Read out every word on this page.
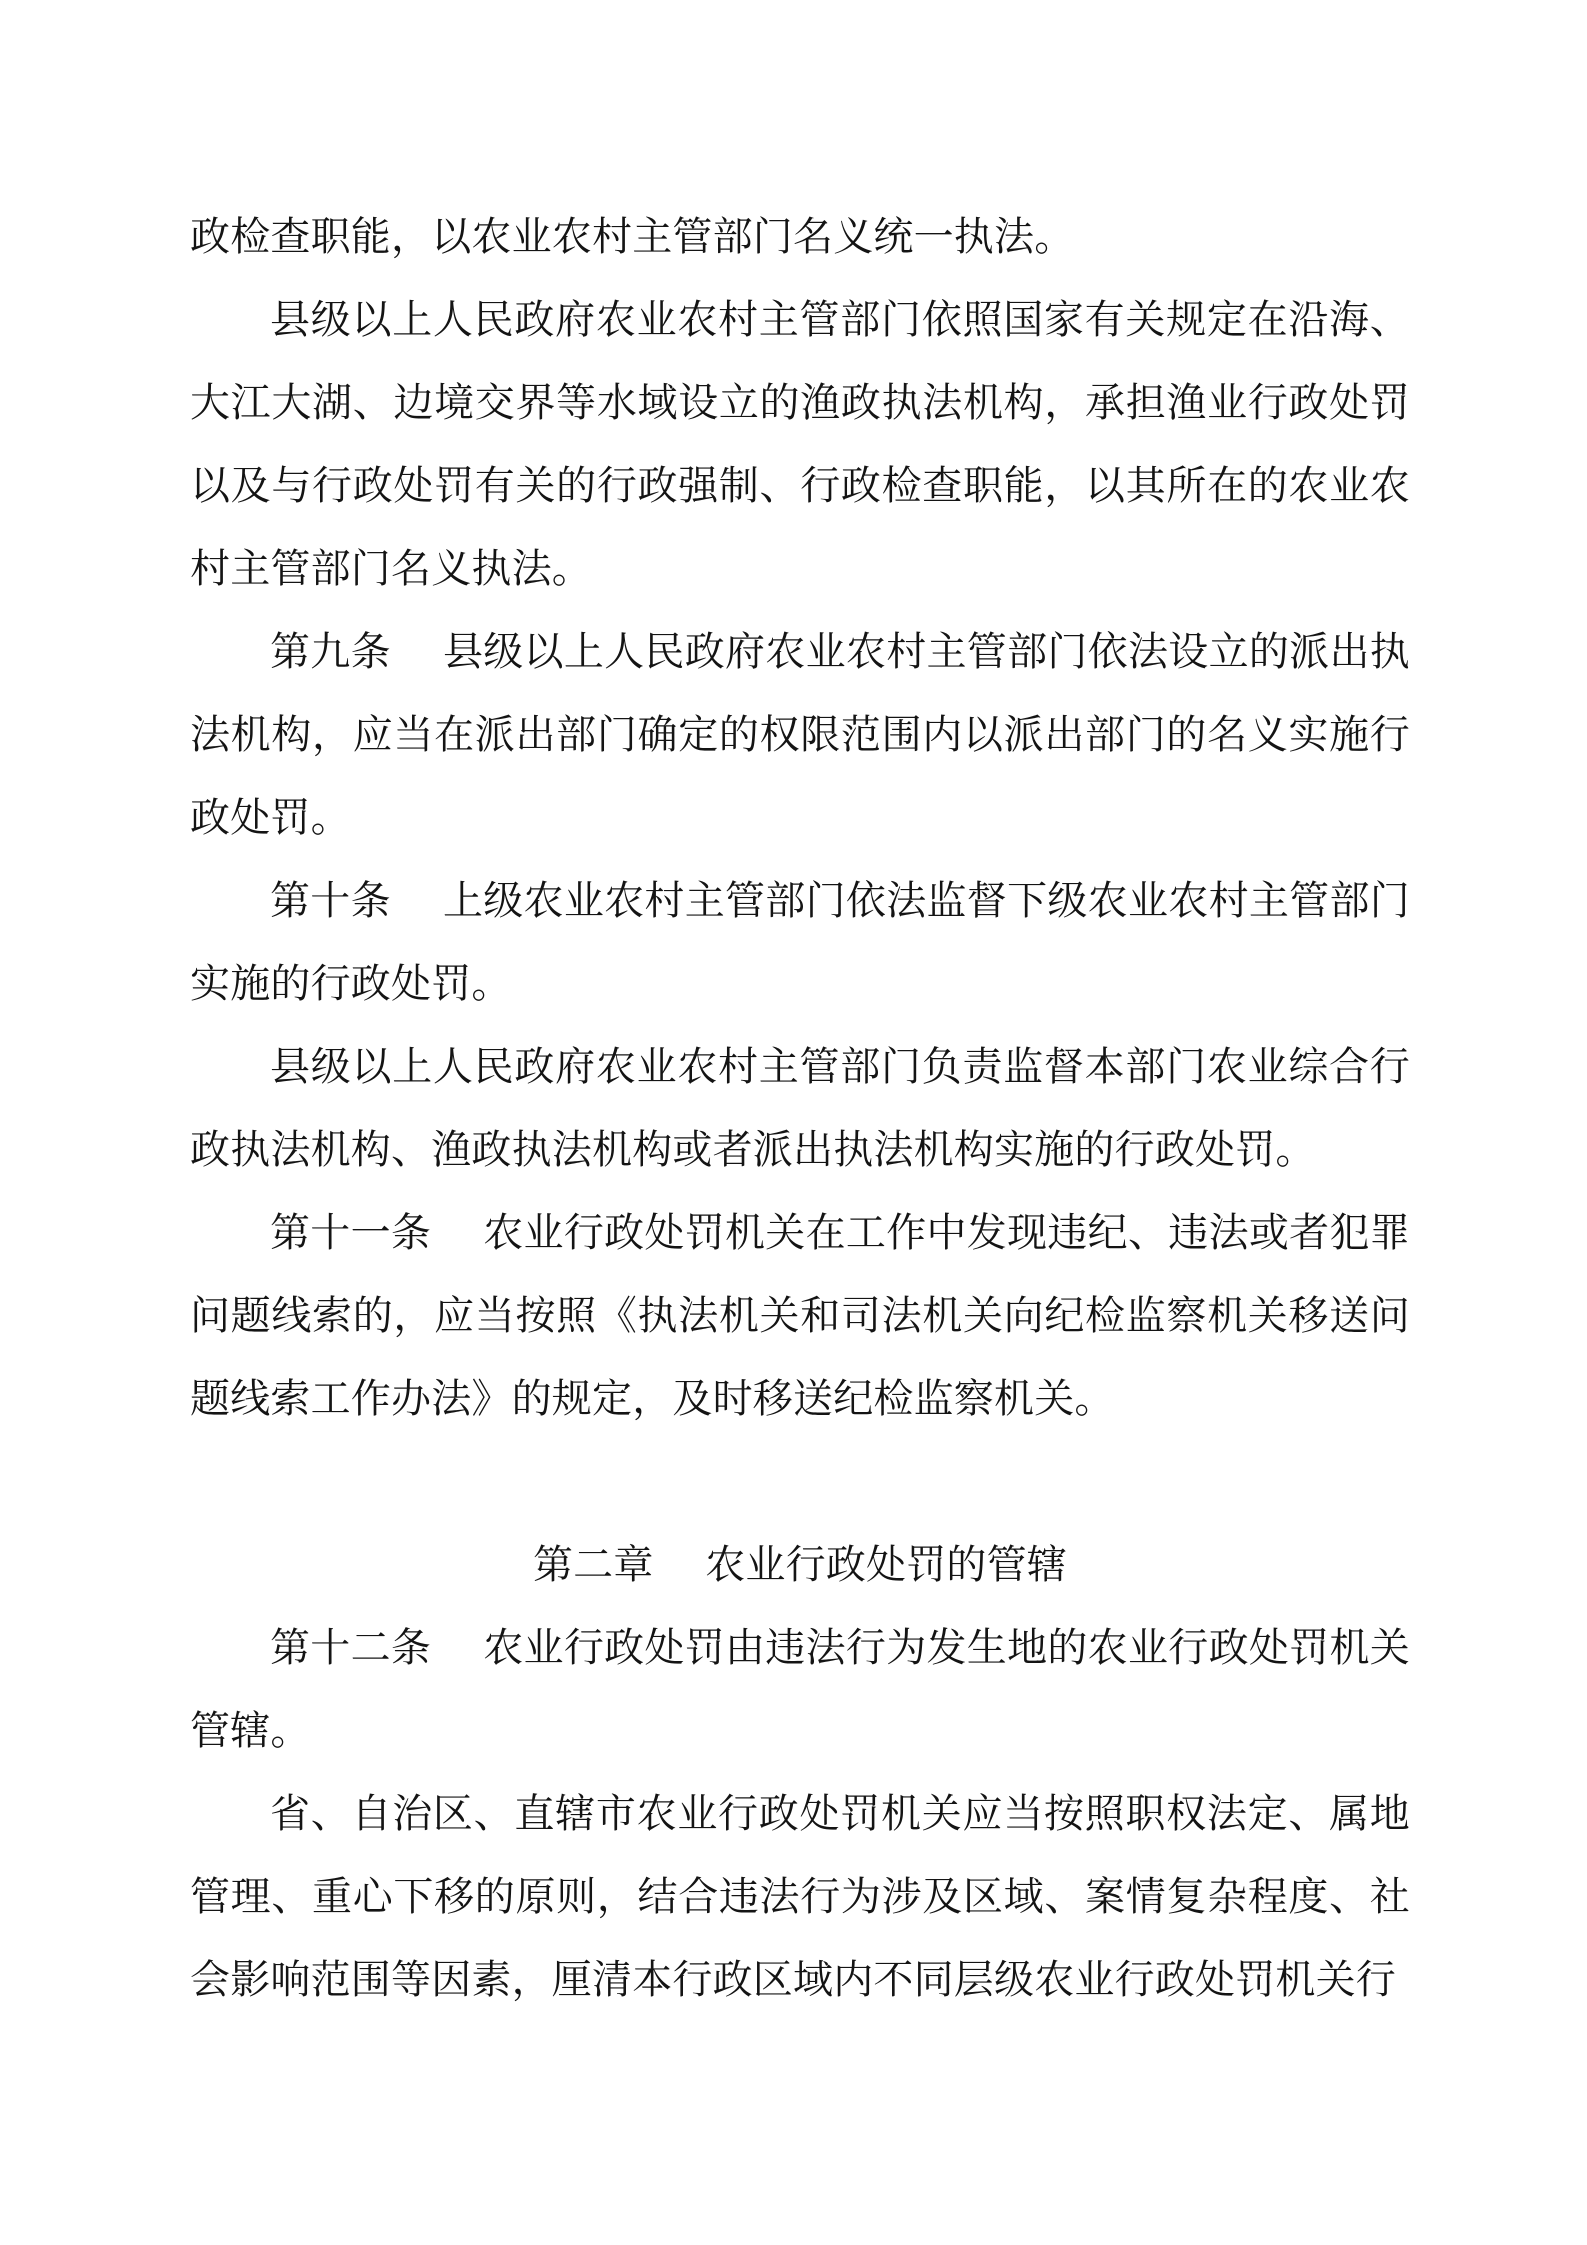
政检查职能，以农业农村主管部门名义统一执法。

县级以上人民政府农业农村主管部门依照国家有关规定在沿海、大江大湖、边境交界等水域设立的渔政执法机构，承担渔业行政处罚以及与行政处罚有关的行政强制、行政检查职能，以其所在的农业农村主管部门名义执法。

第九条 县级以上人民政府农业农村主管部门依法设立的派出执法机构，应当在派出部门确定的权限范围内以派出部门的名义实施行政处罚。

第十条 上级农业农村主管部门依法监督下级农业农村主管部门实施的行政处罚。

县级以上人民政府农业农村主管部门负责监督本部门农业综合行政执法机构、渔政执法机构或者派出执法机构实施的行政处罚。

第十一条 农业行政处罚机关在工作中发现违纪、违法或者犯罪问题线索的，应当按照《执法机关和司法机关向纪检监察机关移送问题线索工作办法》的规定，及时移送纪检监察机关。

第二章 农业行政处罚的管辖

第十二条 农业行政处罚由违法行为发生地的农业行政处罚机关管辖。

省、自治区、直辖市农业行政处罚机关应当按照职权法定、属地管理、重心下移的原则，结合违法行为涉及区域、案情复杂程度、社会影响范围等因素，厘清本行政区域内不同层级农业行政处罚机关行
